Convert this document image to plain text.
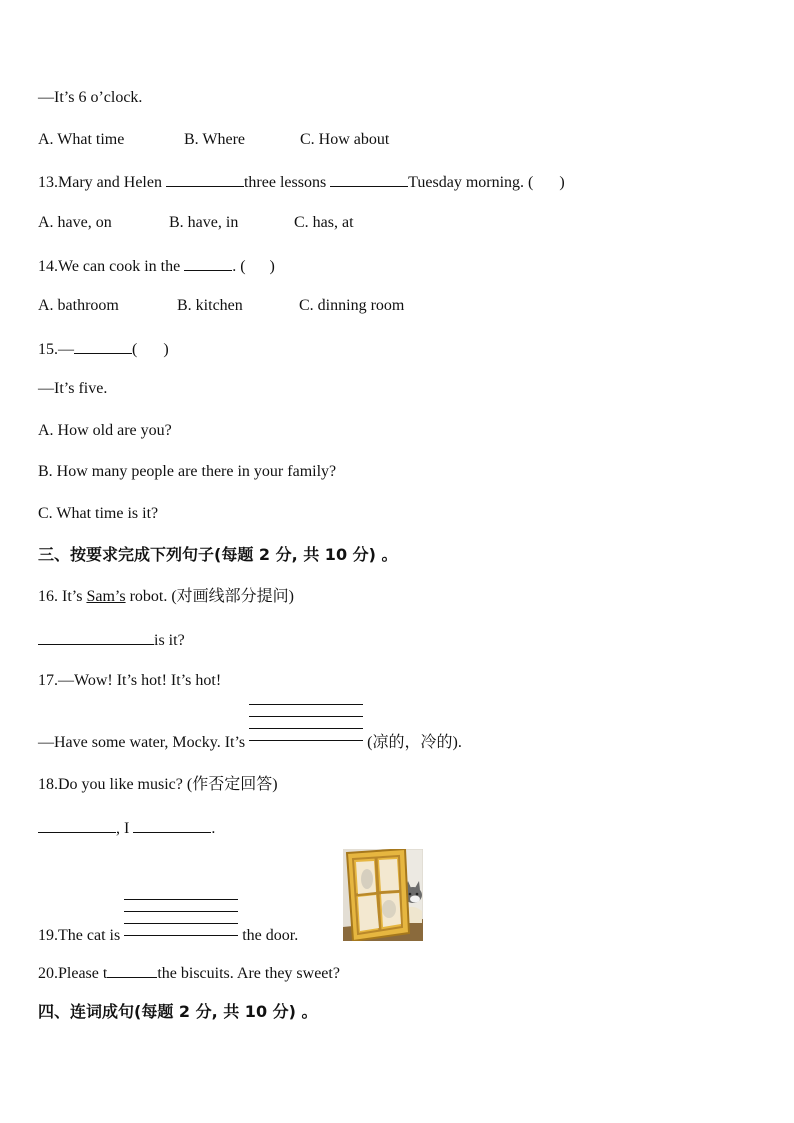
—It’s 6 o’clock.
A. What time	B. Where	C. How about
13.Mary and Helen	three lessons	Tuesday morning. ( )
A. have, on	B. have, in	C. has, at
14.We can cook in the	. ( )
A. bathroom	B. kitchen	C. dinning room
15.—	( )
—It’s five.
A. How old are you?
B. How many people are there in your family?
C. What time is it?
三、按要求完成下列句子(每题 2 分, 共 10 分) 。
16. It’s Sam’s robot. (对画线部分提问)
is it?
17.—Wow! It’s hot! It’s hot!
—Have some water, Mocky. It’s	(凉的，冷的).
18.Do you like music? (作否定回答)
, I	.
19.The cat is	the door.
20.Please t	the biscuits. Are they sweet?
四、连词成句(每题 2 分, 共 10 分) 。
